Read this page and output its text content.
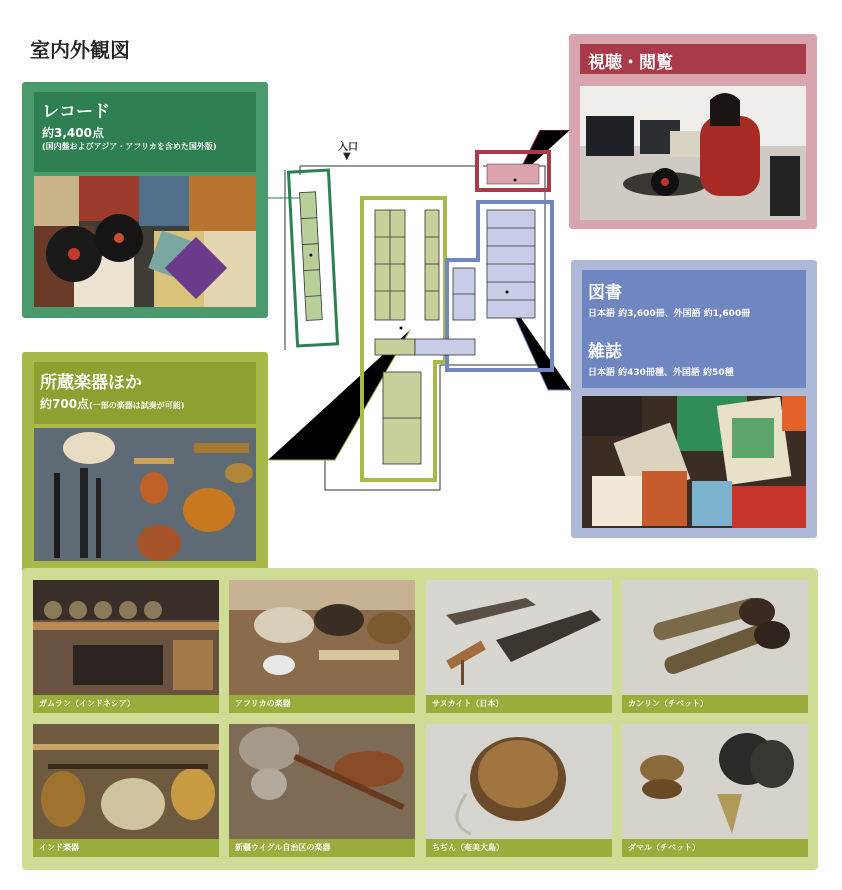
室内外観図
レコード
約3,400点
(国内盤およびアジア・アフリカを含めた国外版)
所蔵楽器ほか
約700点(一部の楽器は試奏が可能)
視聴・閲覧
図書
日本語 約3,600冊、外国語 約1,600冊
雑誌
日本語 約430冊種、外国語 約50種
入口
▼
ガムラン（インドネシア）	アフリカの楽器	サヌカイト（日本）	カンリン（チベット）
インド楽器	新疆ウイグル自治区の楽器	ちぢん（奄美大島）	ダマル（チベット）
